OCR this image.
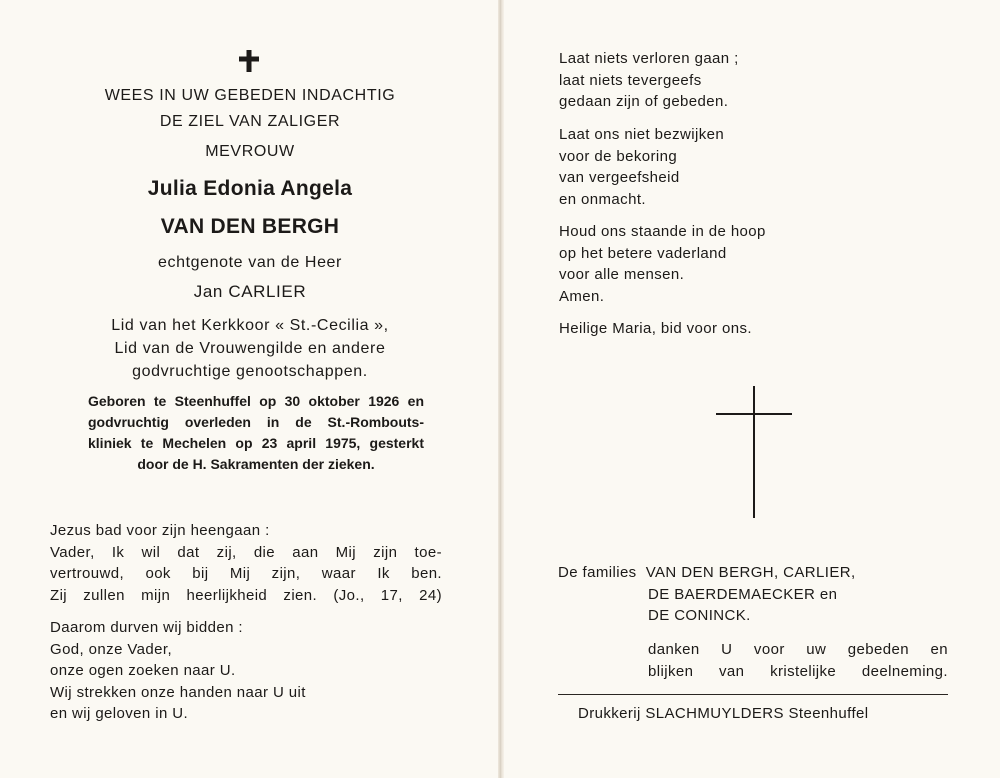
WEES IN UW GEBEDEN INDACHTIG
DE ZIEL VAN ZALIGER
MEVROUW
Julia Edonia Angela
VAN DEN BERGH
echtgenote van de Heer
Jan CARLIER
Lid van het Kerkkoor « St.-Cecilia »,
Lid van de Vrouwengilde en andere
godvruchtige genootschappen.
Geboren te Steenhuffel op 30 oktober 1926 en
godvruchtig overleden in de St.-Rombouts-
kliniek te Mechelen op 23 april 1975, gesterkt
door de H. Sakramenten der zieken.
Jezus bad voor zijn heengaan :
Vader, Ik wil dat zij, die aan Mij zijn toe-
vertrouwd, ook bij Mij zijn, waar Ik ben.
Zij zullen mijn heerlijkheid zien. (Jo., 17, 24)
Daarom durven wij bidden :
God, onze Vader,
onze ogen zoeken naar U.
Wij strekken onze handen naar U uit
en wij geloven in U.
Laat niets verloren gaan ;
laat niets tevergeefs
gedaan zijn of gebeden.
Laat ons niet bezwijken
voor de bekoring
van vergeefsheid
en onmacht.
Houd ons staande in de hoop
op het betere vaderland
voor alle mensen.
Amen.
Heilige Maria, bid voor ons.
De families VAN DEN BERGH, CARLIER,
DE BAERDEMAECKER en
DE CONINCK.
danken U voor uw gebeden en
blijken van kristelijke deelneming.
Drukkerij SLACHMUYLDERS Steenhuffel
